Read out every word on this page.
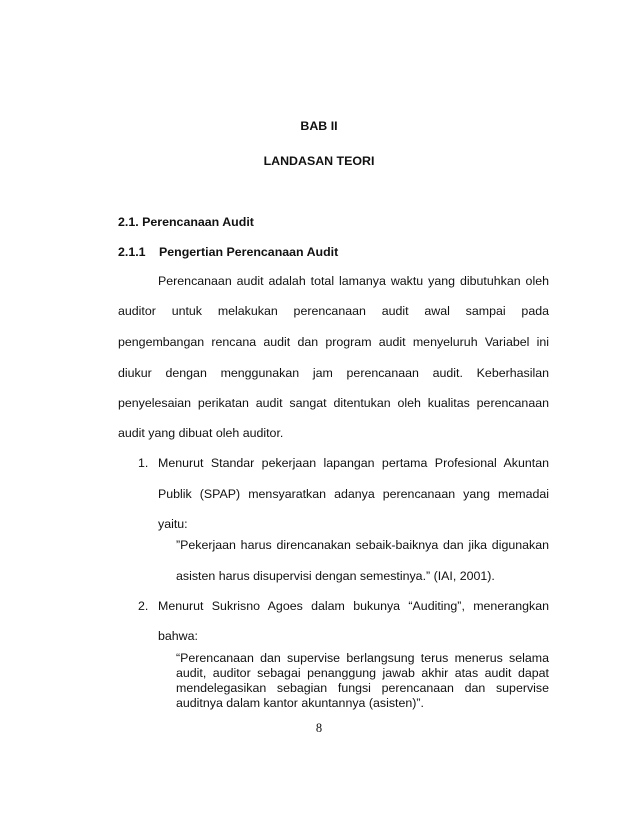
BAB II
LANDASAN TEORI
2.1. Perencanaan Audit
2.1.1 Pengertian Perencanaan Audit
Perencanaan audit adalah total lamanya waktu yang dibutuhkan oleh
auditor untuk melakukan perencanaan audit awal sampai pada
pengembangan rencana audit dan program audit menyeluruh Variabel ini
diukur dengan menggunakan jam perencanaan audit. Keberhasilan
penyelesaian perikatan audit sangat ditentukan oleh kualitas perencanaan
audit yang dibuat oleh auditor.
1. Menurut Standar pekerjaan lapangan pertama Profesional Akuntan
Publik (SPAP) mensyaratkan adanya perencanaan yang memadai
yaitu:
”Pekerjaan harus direncanakan sebaik-baiknya dan jika digunakan
asisten harus disupervisi dengan semestinya.” (IAI, 2001).
2. Menurut Sukrisno Agoes dalam bukunya “Auditing”, menerangkan
bahwa:
“Perencanaan dan supervise berlangsung terus menerus selama
audit, auditor sebagai penanggung jawab akhir atas audit dapat
mendelegasikan sebagian fungsi perencanaan dan supervise
auditnya dalam kantor akuntannya (asisten)”.
8
